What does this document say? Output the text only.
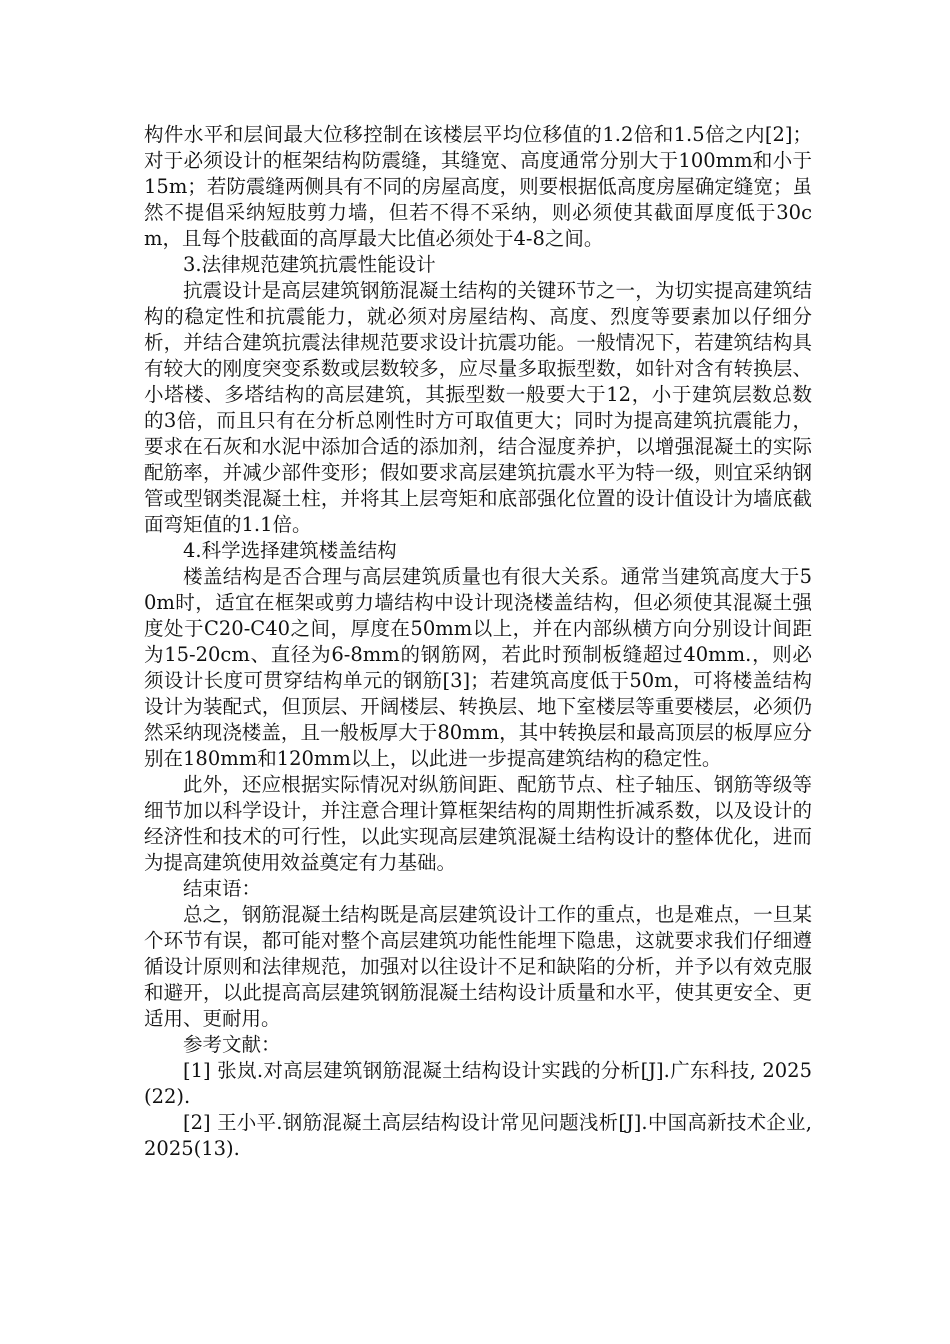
构件水平和层间最大位移控制在该楼层平均位移值的1.2倍和1.5倍之内[2]；对于必须设计的框架结构防震缝，其缝宽、高度通常分别大于100mm和小于15m；若防震缝两侧具有不同的房屋高度，则要根据低高度房屋确定缝宽；虽然不提倡采纳短肢剪力墙，但若不得不采纳，则必须使其截面厚度低于30cm，且每个肢截面的高厚最大比值必须处于4-8之间。

3.法律规范建筑抗震性能设计

抗震设计是高层建筑钢筋混凝土结构的关键环节之一，为切实提高建筑结构的稳定性和抗震能力，就必须对房屋结构、高度、烈度等要素加以仔细分析，并结合建筑抗震法律规范要求设计抗震功能。一般情况下，若建筑结构具有较大的刚度突变系数或层数较多，应尽量多取振型数，如针对含有转换层、小塔楼、多塔结构的高层建筑，其振型数一般要大于12，小于建筑层数总数的3倍，而且只有在分析总刚性时方可取值更大；同时为提高建筑抗震能力，要求在石灰和水泥中添加合适的添加剂，结合湿度养护，以增强混凝土的实际配筋率，并减少部件变形；假如要求高层建筑抗震水平为特一级，则宜采纳钢管或型钢类混凝土柱，并将其上层弯矩和底部强化位置的设计值设计为墙底截面弯矩值的1.1倍。

4.科学选择建筑楼盖结构

楼盖结构是否合理与高层建筑质量也有很大关系。通常当建筑高度大于50m时，适宜在框架或剪力墙结构中设计现浇楼盖结构，但必须使其混凝土强度处于C20-C40之间，厚度在50mm以上，并在内部纵横方向分别设计间距为15-20cm、直径为6-8mm的钢筋网，若此时预制板缝超过40mm.，则必须设计长度可贯穿结构单元的钢筋[3]；若建筑高度低于50m，可将楼盖结构设计为装配式，但顶层、开阔楼层、转换层、地下室楼层等重要楼层，必须仍然采纳现浇楼盖，且一般板厚大于80mm，其中转换层和最高顶层的板厚应分别在180mm和120mm以上，以此进一步提高建筑结构的稳定性。

此外，还应根据实际情况对纵筋间距、配筋节点、柱子轴压、钢筋等级等细节加以科学设计，并注意合理计算框架结构的周期性折减系数，以及设计的经济性和技术的可行性，以此实现高层建筑混凝土结构设计的整体优化，进而为提高建筑使用效益奠定有力基础。

结束语：

总之，钢筋混凝土结构既是高层建筑设计工作的重点，也是难点，一旦某个环节有误，都可能对整个高层建筑功能性能埋下隐患，这就要求我们仔细遵循设计原则和法律规范，加强对以往设计不足和缺陷的分析，并予以有效克服和避开，以此提高高层建筑钢筋混凝土结构设计质量和水平，使其更安全、更适用、更耐用。

参考文献：

[1] 张岚.对高层建筑钢筋混凝土结构设计实践的分析[J].广东科技, 2025(22).

[2] 王小平.钢筋混凝土高层结构设计常见问题浅析[J].中国高新技术企业, 2025(13).
